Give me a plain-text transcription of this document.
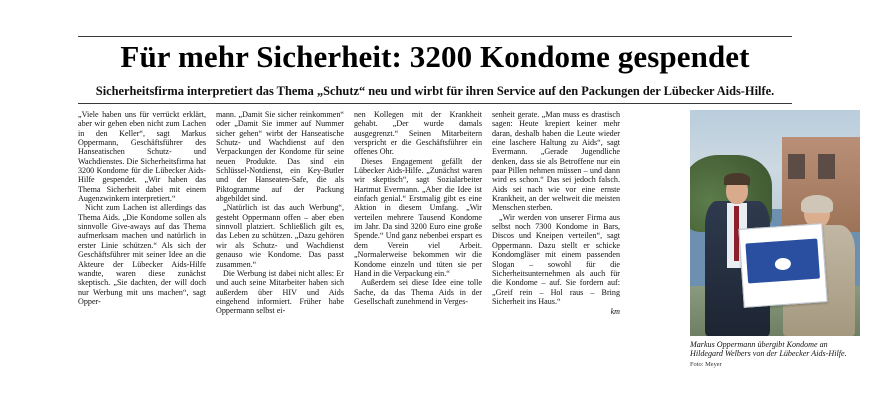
Für mehr Sicherheit: 3200 Kondome gespendet
Sicherheitsfirma interpretiert das Thema „Schutz“ neu und wirbt für ihren Service auf den Packungen der Lübecker Aids-Hilfe.

„Viele haben uns für verrückt erklärt, aber wir gehen eben nicht zum Lachen in den Keller“, sagt Markus Oppermann, Geschäftsführer des Hanseatischen Schutz- und Wachdienstes. Die Sicherheitsfirma hat 3200 Kondome für die Lübecker Aids-Hilfe gespendet. „Wir haben das Thema Sicherheit dabei mit einem Augenzwinkern interpretiert.“

Nicht zum Lachen ist allerdings das Thema Aids. „Die Kondome sollen als sinnvolle Give-aways auf das Thema aufmerksam machen und natürlich in erster Linie schützen.“ Als sich der Geschäftsführer mit seiner Idee an die Akteure der Lübecker Aids-Hilfe wandte, waren diese zunächst skeptisch. „Sie dachten, der will doch nur Werbung mit uns machen“, sagt Opper-

mann. „Damit Sie sicher reinkommen“ oder „Damit Sie immer auf Nummer sicher gehen“ wirbt der Hanseatische Schutz- und Wachdienst auf den Verpackungen der Kondome für seine neuen Produkte. Das sind ein Schlüssel-Notdienst, ein Key-Butler und der Hanseaten-Safe, die als Piktogramme auf der Packung abgebildet sind.

„Natürlich ist das auch Werbung“, gesteht Oppermann offen – aber eben sinnvoll platziert. Schließlich gilt es, das Leben zu schützen. „Dazu gehören wir als Schutz- und Wachdienst genauso wie Kondome. Das passt zusammen.“

Die Werbung ist dabei nicht alles: Er und auch seine Mitarbeiter haben sich außerdem über HIV und Aids eingehend informiert. Früher habe Oppermann selbst ei-

nen Kollegen mit der Krankheit gehabt. „Der wurde damals ausgegrenzt.“ Seinen Mitarbeitern verspricht er die Geschäftsführer ein offenes Ohr.

Dieses Engagement gefällt der Lübecker Aids-Hilfe. „Zunächst waren wir skeptisch“, sagt Sozialarbeiter Hartmut Evermann. „Aber die Idee ist einfach genial.“ Erstmalig gibt es eine Aktion in diesem Umfang. „Wir verteilen mehrere Tausend Kondome im Jahr. Da sind 3200 Euro eine große Spende.“ Und ganz nebenbei erspart es dem Verein viel Arbeit. „Normalerweise bekommen wir die Kondome einzeln und tüten sie per Hand in die Verpackung ein.“

Außerdem sei diese Idee eine tolle Sache, da das Thema Aids in der Gesellschaft zunehmend in Verges-

senheit gerate. „Man muss es drastisch sagen: Heute krepiert keiner mehr daran, deshalb haben die Leute wieder eine laschere Haltung zu Aids“, sagt Evermann. „Gerade Jugendliche denken, dass sie als Betroffene nur ein paar Pillen nehmen müssen – und dann wird es schon.“ Das sei jedoch falsch. Aids sei nach wie vor eine ernste Krankheit, an der weltweit die meisten Menschen sterben.

„Wir werden von unserer Firma aus selbst noch 7300 Kondome in Bars, Discos und Kneipen verteilen“, sagt Oppermann. Dazu stellt er schicke Kondomgläser mit einem passenden Slogan – sowohl für die Sicherheitsunternehmen als auch für die Kondome – auf. Sie fordern auf: „Greif rein – Hol raus – Bring Sicherheit ins Haus.“

km
Markus Oppermann übergibt Kondome an Hildegard Welbers von der Lübecker Aids-Hilfe. Foto: Meyer
